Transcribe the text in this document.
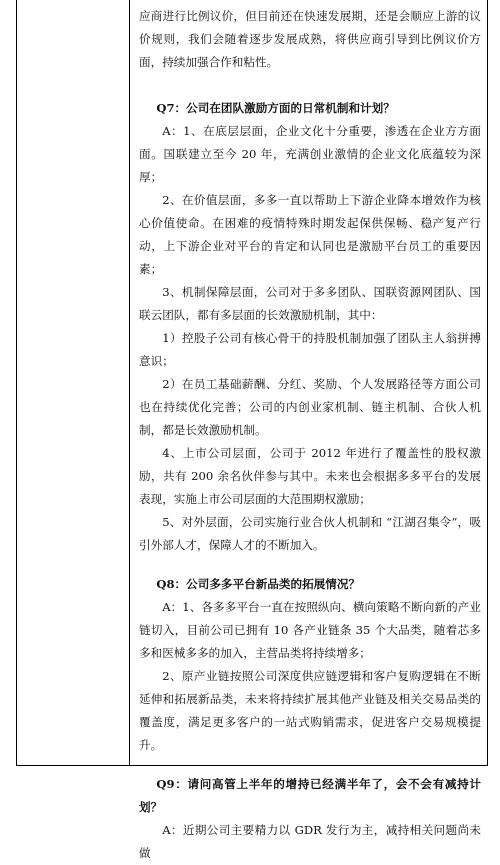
应商进行比例议价，但目前还在快速发展期，还是会顺应上游的议价规则，我们会随着逐步发展成熟，将供应商引导到比例议价方面，持续加强合作和粘性。

Q7：公司在团队激励方面的日常机制和计划？

A：1、在底层层面，企业文化十分重要，渗透在企业方方面面。国联建立至今 20 年，充满创业激情的企业文化底蕴较为深厚；

2、在价值层面，多多一直以帮助上下游企业降本增效作为核心价值使命。在困难的疫情特殊时期发起保供保畅、稳产复产行动，上下游企业对平台的肯定和认同也是激励平台员工的重要因素；

3、机制保障层面，公司对于多多团队、国联资源网团队、国联云团队，都有多层面的长效激励机制，其中：

1）控股子公司有核心骨干的持股机制加强了团队主人翁拼搏意识；

2）在员工基础薪酬、分红、奖励、个人发展路径等方面公司也在持续优化完善；公司的内创业家机制、链主机制、合伙人机制，都是长效激励机制。

4、上市公司层面，公司于 2012 年进行了覆盖性的股权激励，共有 200 余名伙伴参与其中。未来也会根据多多平台的发展表现，实施上市公司层面的大范围期权激励；

5、对外层面，公司实施行业合伙人机制和 “江湖召集令”，吸引外部人才，保障人才的不断加入。

Q8：公司多多平台新品类的拓展情况？

A：1、各多多平台一直在按照纵向、横向策略不断向新的产业链切入，目前公司已拥有 10 各产业链条 35 个大品类，随着芯多多和医械多多的加入，主营品类将持续增多；

2、原产业链按照公司深度供应链逻辑和客户复购逻辑在不断延伸和拓展新品类，未来将持续扩展其他产业链及相关交易品类的覆盖度，满足更多客户的一站式购销需求，促进客户交易规模提升。

Q9：请问高管上半年的增持已经满半年了，会不会有减持计划？

A：近期公司主要精力以 GDR 发行为主，减持相关问题尚未做
